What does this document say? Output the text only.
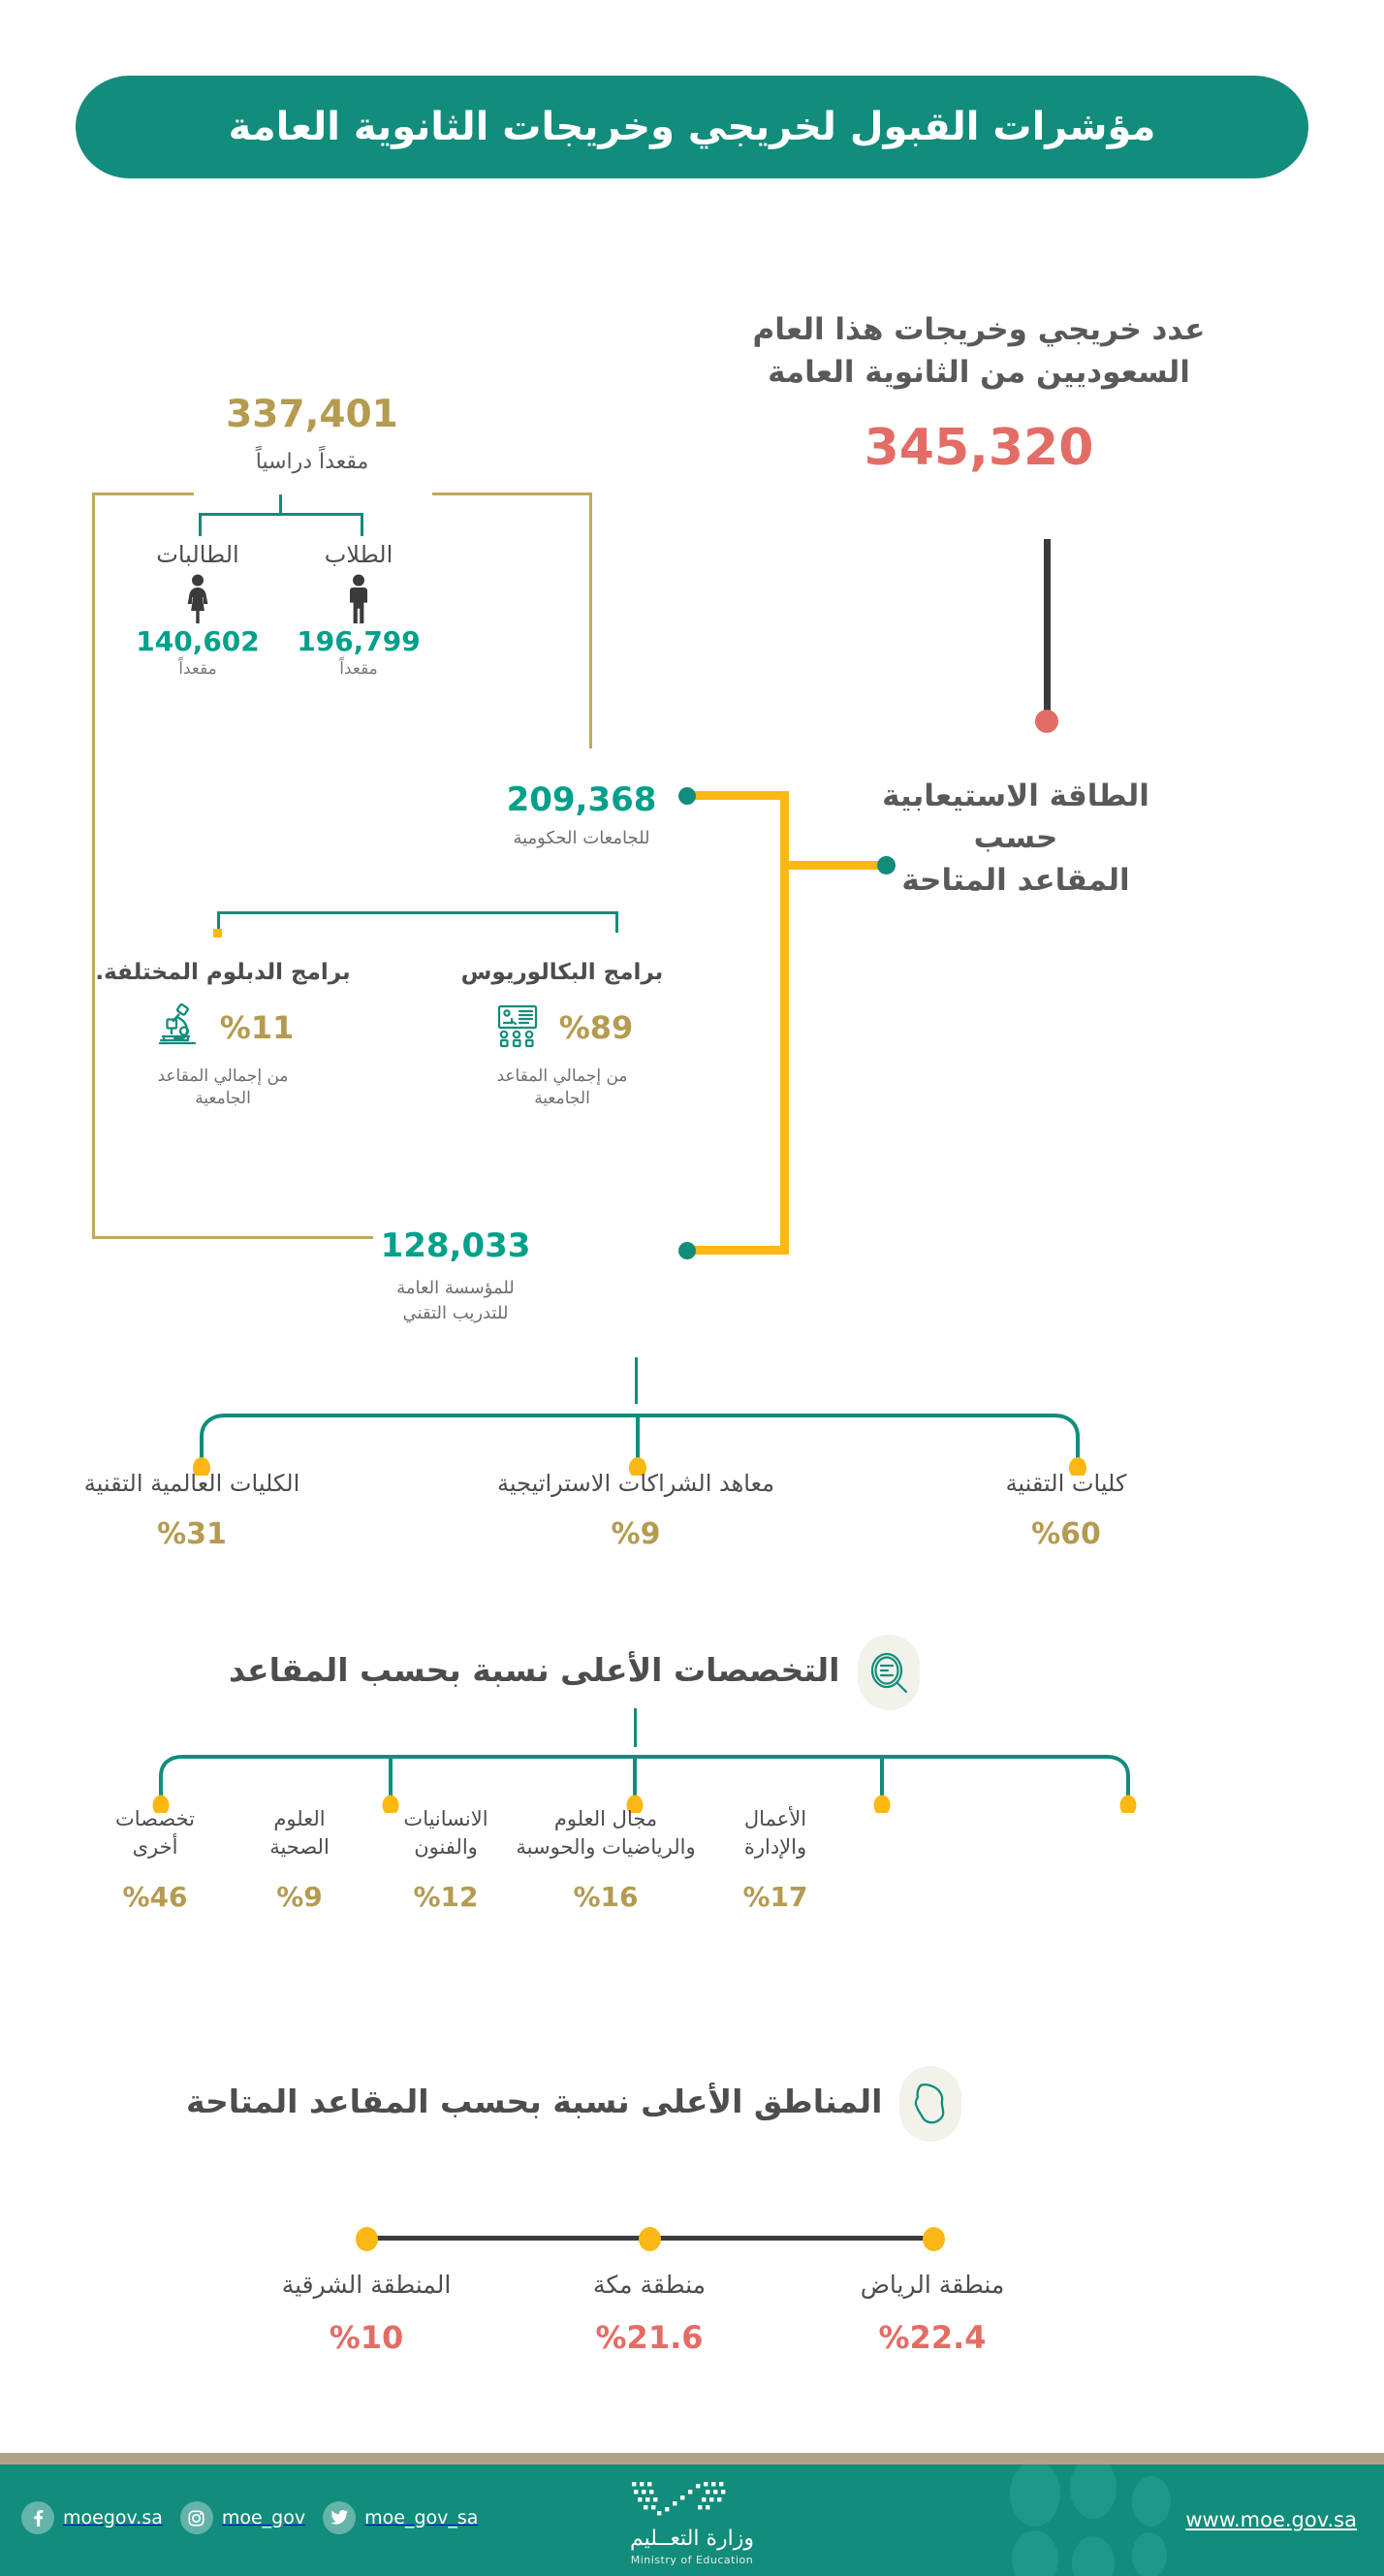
مؤشرات القبول لخريجي وخريجات الثانوية العامة
عدد خريجي وخريجات هذا العام
السعوديين من الثانوية العامة
345,320
337,401
مقعداً دراسياً
الطالبات
140,602
مقعداً
الطلاب
196,799
مقعداً
الطاقة الاستيعابية
حسب
المقاعد المتاحة
209,368
للجامعات الحكومية
برامج الدبلوم المختلفة.
%11
من إجمالي المقاعد
الجامعية
برامج البكالوريوس
%89
من إجمالي المقاعد
الجامعية
128,033
للمؤسسة العامة
للتدريب التقني
الكليات العالمية التقنية
%31
معاهد الشراكات الاستراتيجية
%9
كليات التقنية
%60
التخصصات الأعلى نسبة بحسب المقاعد
تخصصات
أخرى
%46
العلوم
الصحية
%9
الانسانيات
والفنون
%12
مجال العلوم
والرياضيات والحوسبة
%16
الأعمال
والإدارة
%17
المناطق الأعلى نسبة بحسب المقاعد المتاحة
المنطقة الشرقية
%10
منطقة مكة
%21.6
منطقة الرياض
%22.4
moegov.sa	moe_gov	moe_gov_sa
وزارة التعــليم
Ministry of Education
www.moe.gov.sa
